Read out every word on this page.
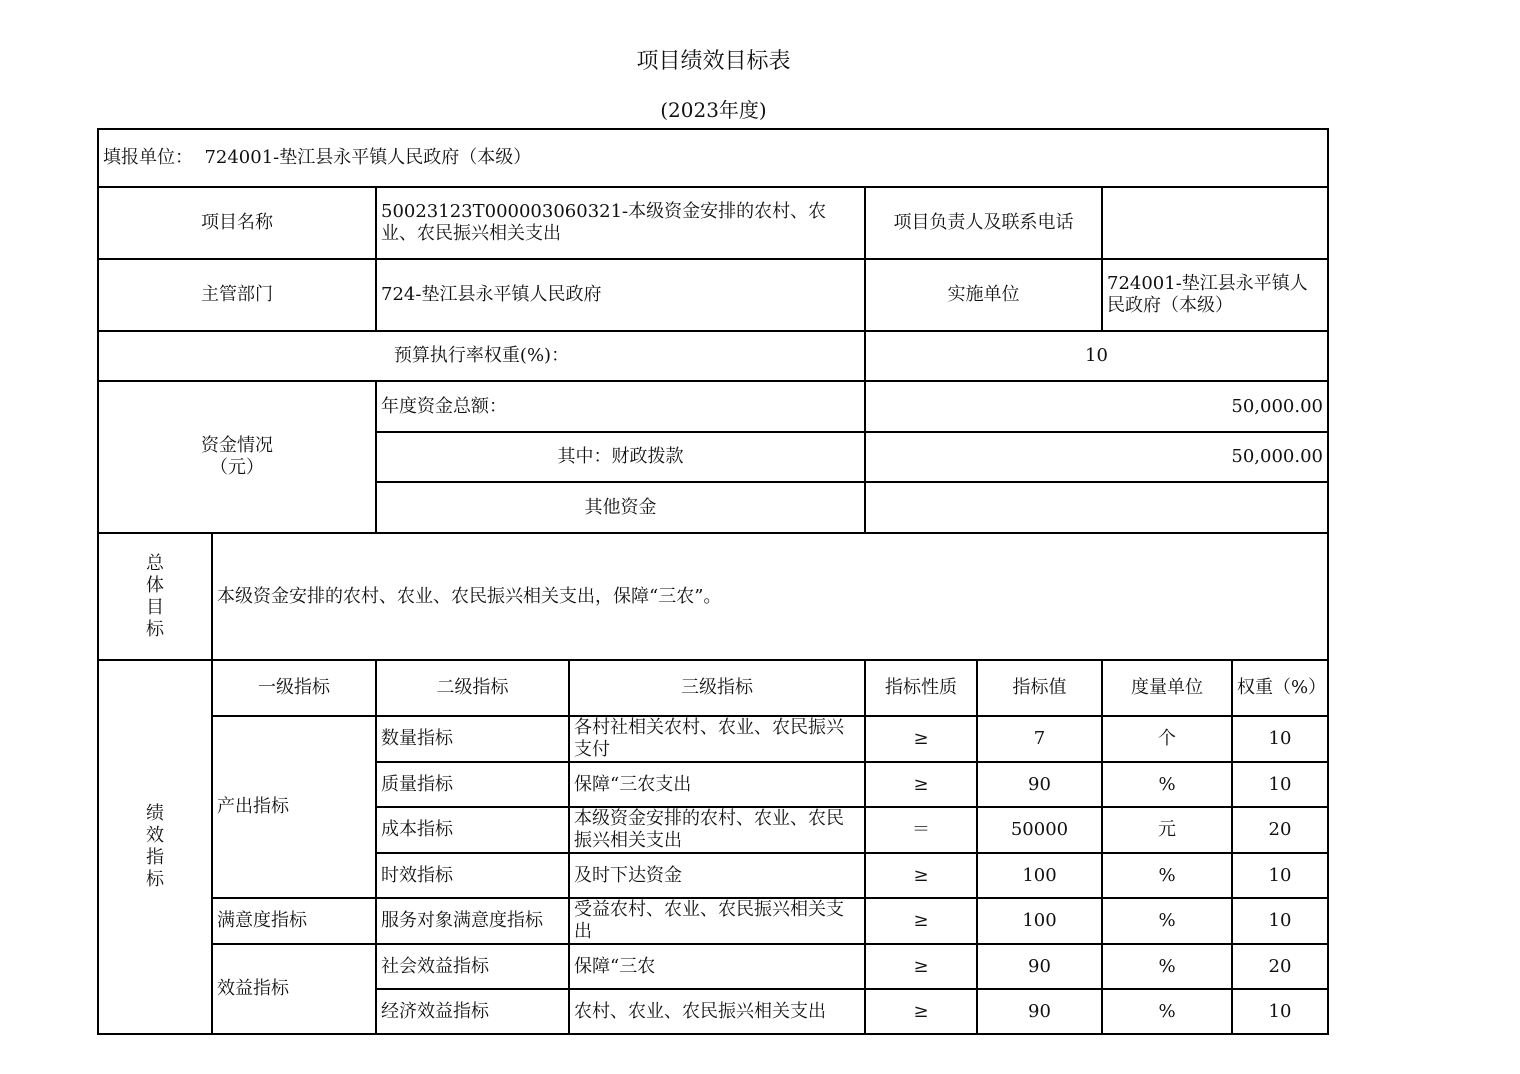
项目绩效目标表
(2023年度)
填报单位： 724001-垫江县永平镇人民政府（本级）							
项目名称		50023123T000003060321-本级资金安排的农村、农业、农民振兴相关支出		项目负责人及联系电话			
主管部门		724-垫江县永平镇人民政府		实施单位		724001-垫江县永平镇人民政府（本级）	
预算执行率权重(%)：				10			
资金情况
（元）		年度资金总额：		50,000.00			
		其中：财政拨款		50,000.00			
		其他资金					
总
体
目
标	本级资金安排的农村、农业、农民振兴相关支出，保障“三农”。						
绩
效
指
标	一级指标	二级指标	三级指标	指标性质	指标值	度量单位	权重（%）
	产出指标	数量指标	各村社相关农村、农业、农民振兴支付	≥	7	个	10
		质量指标	保障“三农支出	≥	90	%	10
		成本指标	本级资金安排的农村、农业、农民振兴相关支出	＝	50000	元	20
		时效指标	及时下达资金	≥	100	%	10
	满意度指标	服务对象满意度指标	受益农村、农业、农民振兴相关支出	≥	100	%	10
	效益指标	社会效益指标	保障“三农	≥	90	%	20
		经济效益指标	农村、农业、农民振兴相关支出	≥	90	%	10
